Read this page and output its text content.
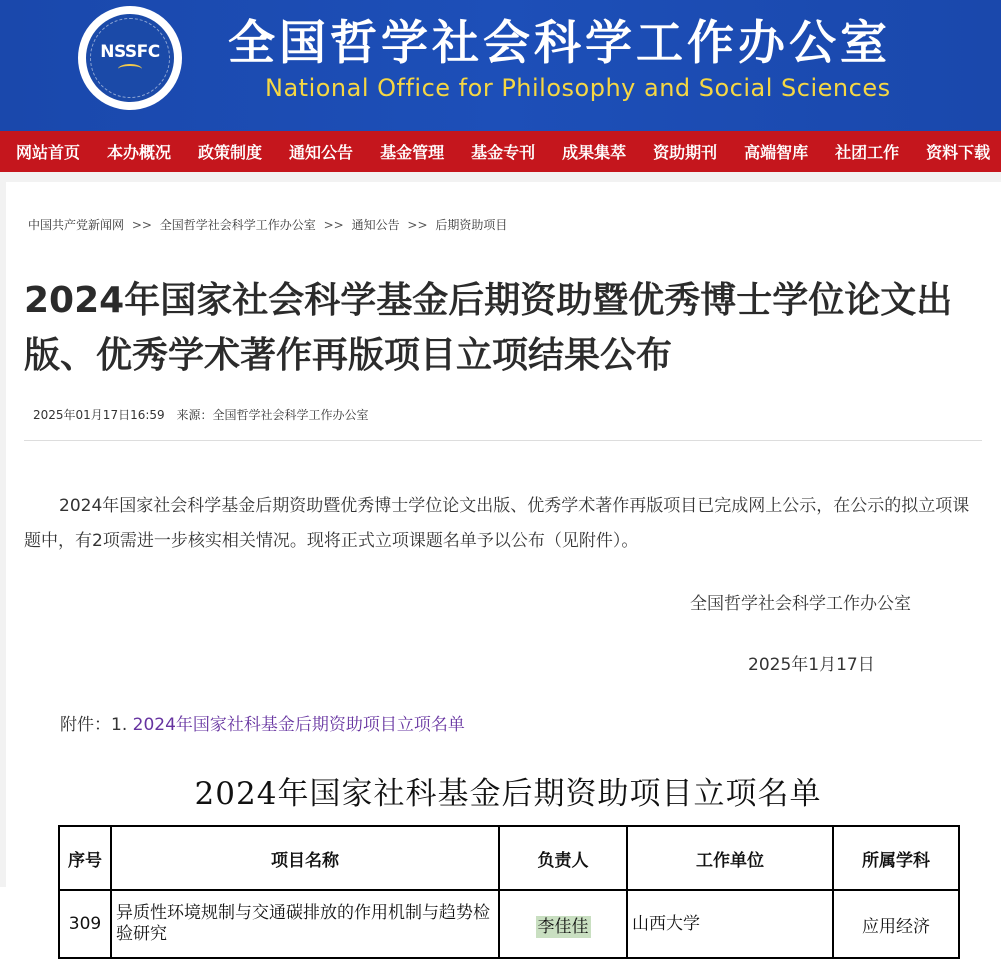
NSSFC 全国哲学社会科学工作办公室
National Office for Philosophy and Social Sciences
网站首页 本办概况 政策制度 通知公告 基金管理 基金专刊 成果集萃 资助期刊 高端智库 社团工作 资料下载
中国共产党新闻网 >> 全国哲学社会科学工作办公室 >> 通知公告 >> 后期资助项目
2024年国家社会科学基金后期资助暨优秀博士学位论文出版、优秀学术著作再版项目立项结果公布
2025年01月17日16:59 来源：全国哲学社会科学工作办公室

2024年国家社会科学基金后期资助暨优秀博士学位论文出版、优秀学术著作再版项目已完成网上公示，在公示的拟立项课题中，有2项需进一步核实相关情况。现将正式立项课题名单予以公布（见附件）。

全国哲学社会科学工作办公室
2025年1月17日
附件：1. 2024年国家社科基金后期资助项目立项名单
2024年国家社科基金后期资助项目立项名单
序号	项目名称	负责人	工作单位	所属学科
309	异质性环境规制与交通碳排放的作用机制与趋势检验研究	李佳佳	山西大学	应用经济
